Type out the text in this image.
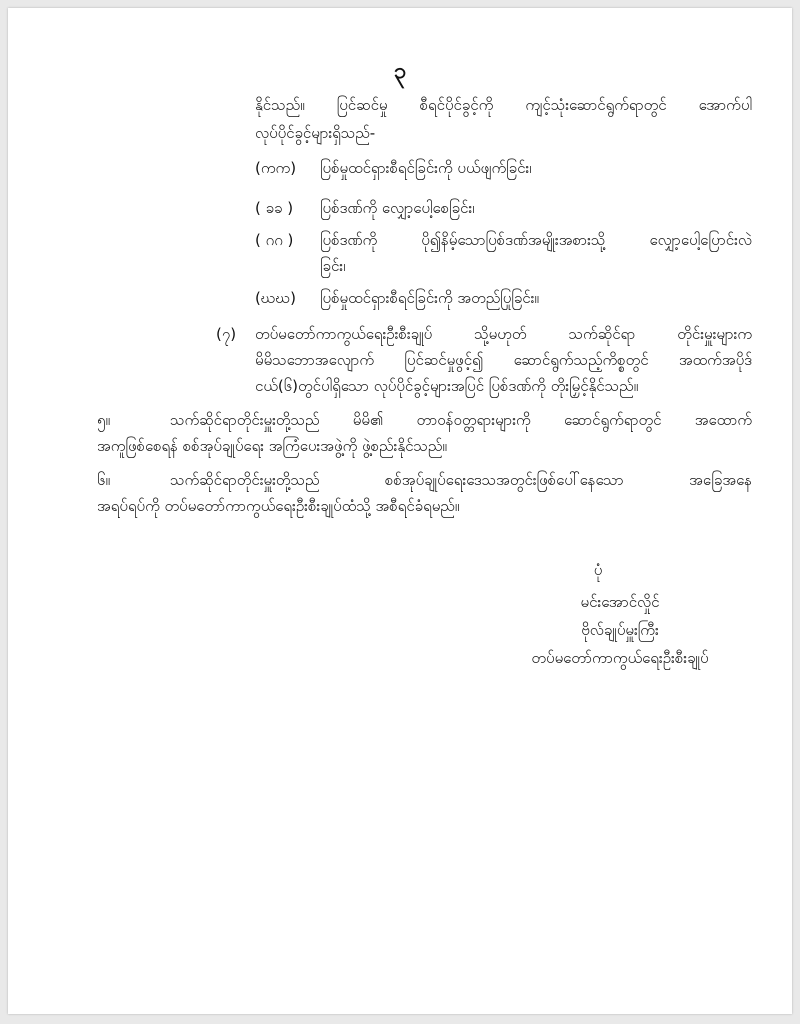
၃
နိုင်သည်။ ပြင်ဆင်မှု စီရင်ပိုင်ခွင့်ကို ကျင့်သုံးဆောင်ရွက်ရာတွင် အောက်ပါ
လုပ်ပိုင်ခွင့်များရှိသည်-
(ကက) ပြစ်မှုထင်ရှားစီရင်ခြင်းကို ပယ်ဖျက်ခြင်း၊
( ခခ ) ပြစ်ဒဏ်ကို လျှော့ပေါ့စေခြင်း၊
( ဂဂ ) ပြစ်ဒဏ်ကို ပို၍နိမ့်သောပြစ်ဒဏ်အမျိုးအစားသို့ လျှော့ပေါ့ပြောင်းလဲ
ခြင်း၊
(ဃဃ) ပြစ်မှုထင်ရှားစီရင်ခြင်းကို အတည်ပြုခြင်း။
(၇) တပ်မတော်ကာကွယ်ရေးဦးစီးချုပ် သို့မဟုတ် သက်ဆိုင်ရာ တိုင်းမှူးများက
မိမိသဘောအလျောက် ပြင်ဆင်မှုဖွင့်၍ ဆောင်ရွက်သည့်ကိစ္စတွင် အထက်အပိုဒ်
ငယ်(၆)တွင်ပါရှိသော လုပ်ပိုင်ခွင့်များအပြင် ပြစ်ဒဏ်ကို တိုးမြှင့်နိုင်သည်။
၅။	သက်ဆိုင်ရာတိုင်းမှူးတို့သည် မိမိ၏ တာဝန်ဝတ္တရားများကို ဆောင်ရွက်ရာတွင် အထောက်
အကူဖြစ်စေရန် စစ်အုပ်ချုပ်ရေး အကြံပေးအဖွဲ့ကို ဖွဲ့စည်းနိုင်သည်။
၆။	သက်ဆိုင်ရာတိုင်းမှူးတို့သည် စစ်အုပ်ချုပ်ရေးဒေသအတွင်းဖြစ်ပေါ်နေသော အခြေအနေ
အရပ်ရပ်ကို တပ်မတော်ကာကွယ်ရေးဦးစီးချုပ်ထံသို့ အစီရင်ခံရမည်။
ပုံ
မင်းအောင်လှိုင်
ဗိုလ်ချုပ်မှူးကြီး
တပ်မတော်ကာကွယ်ရေးဦးစီးချုပ်
